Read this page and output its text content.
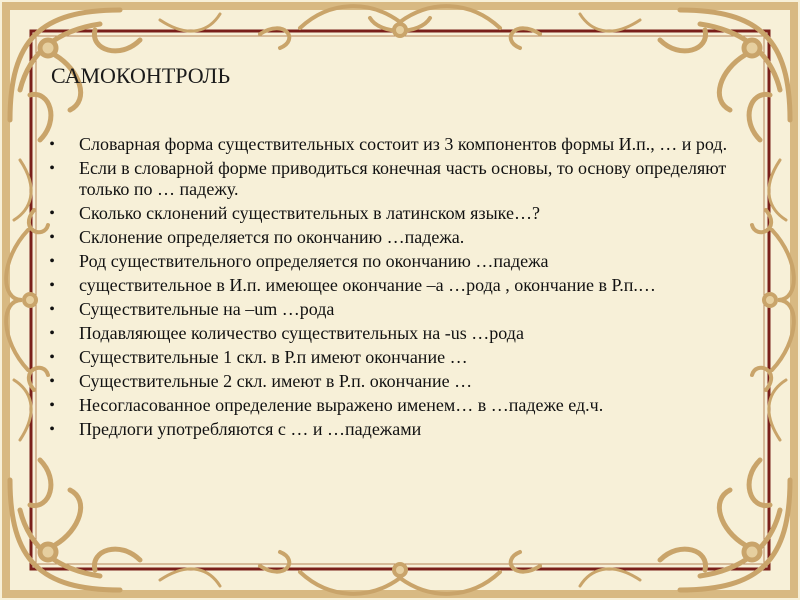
САМОКОНТРОЛЬ
• Словарная форма существительных состоит из 3 компонентов формы И.п., … и род.
• Если в словарной форме приводиться конечная часть основы, то основу определяют только по … падежу.
• Сколько склонений существительных в латинском языке…?
• Склонение определяется по окончанию …падежа.
• Род существительного определяется по окончанию …падежа
• существительное в И.п. имеющее окончание –a …рода , окончание в Р.п.…
• Существительные на –um …рода
• Подавляющее количество существительных на -us …рода
• Существительные 1 скл. в Р.п имеют окончание …
• Существительные 2 скл. имеют в Р.п. окончание …
• Несогласованное определение выражено именем… в …падеже ед.ч.
• Предлоги употребляются с … и …падежами
